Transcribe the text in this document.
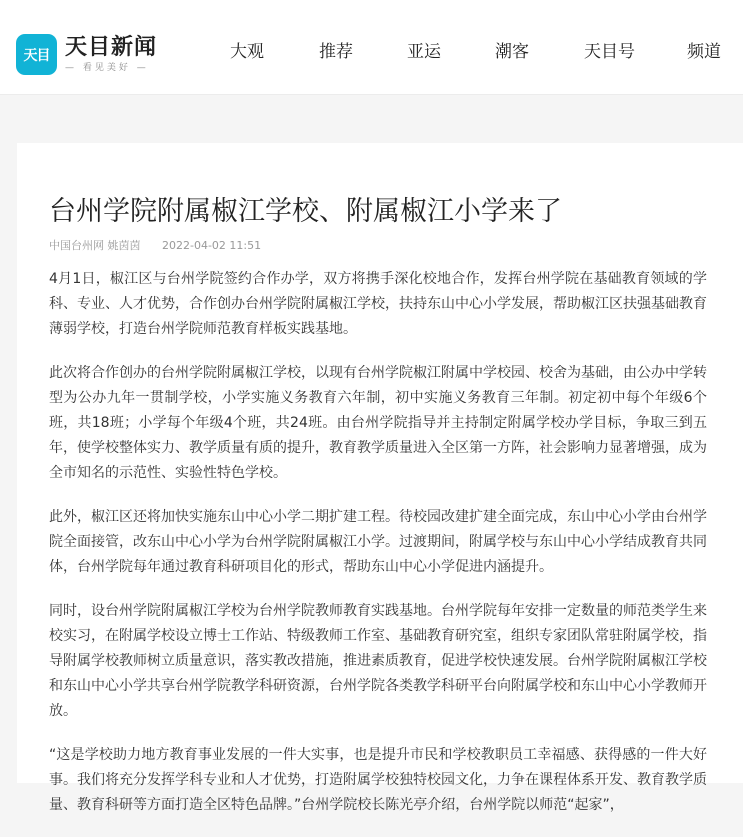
天目 天目新闻
— 看见美好 —
大观	推荐	亚运	潮客	天目号	频道
台州学院附属椒江学校、附属椒江小学来了
中国台州网 姚茵茵 2022-04-02 11:51

4月1日，椒江区与台州学院签约合作办学，双方将携手深化校地合作，发挥台州学院在基础教育领域的学科、专业、人才优势，合作创办台州学院附属椒江学校，扶持东山中心小学发展，帮助椒江区扶强基础教育薄弱学校，打造台州学院师范教育样板实践基地。

此次将合作创办的台州学院附属椒江学校，以现有台州学院椒江附属中学校园、校舍为基础，由公办中学转型为公办九年一贯制学校，小学实施义务教育六年制，初中实施义务教育三年制。初定初中每个年级6个班，共18班；小学每个年级4个班，共24班。由台州学院指导并主持制定附属学校办学目标，争取三到五年，使学校整体实力、教学质量有质的提升，教育教学质量进入全区第一方阵，社会影响力显著增强，成为全市知名的示范性、实验性特色学校。

此外，椒江区还将加快实施东山中心小学二期扩建工程。待校园改建扩建全面完成，东山中心小学由台州学院全面接管，改东山中心小学为台州学院附属椒江小学。过渡期间，附属学校与东山中心小学结成教育共同体，台州学院每年通过教育科研项目化的形式，帮助东山中心小学促进内涵提升。

同时，设台州学院附属椒江学校为台州学院教师教育实践基地。台州学院每年安排一定数量的师范类学生来校实习，在附属学校设立博士工作站、特级教师工作室、基础教育研究室，组织专家团队常驻附属学校，指导附属学校教师树立质量意识，落实教改措施，推进素质教育，促进学校快速发展。台州学院附属椒江学校和东山中心小学共享台州学院教学科研资源，台州学院各类教学科研平台向附属学校和东山中心小学教师开放。

“这是学校助力地方教育事业发展的一件大实事，也是提升市民和学校教职员工幸福感、获得感的一件大好事。我们将充分发挥学科专业和人才优势，打造附属学校独特校园文化，力争在课程体系开发、教育教学质量、教育科研等方面打造全区特色品牌。”台州学院校长陈光亭介绍，台州学院以师范“起家”，
